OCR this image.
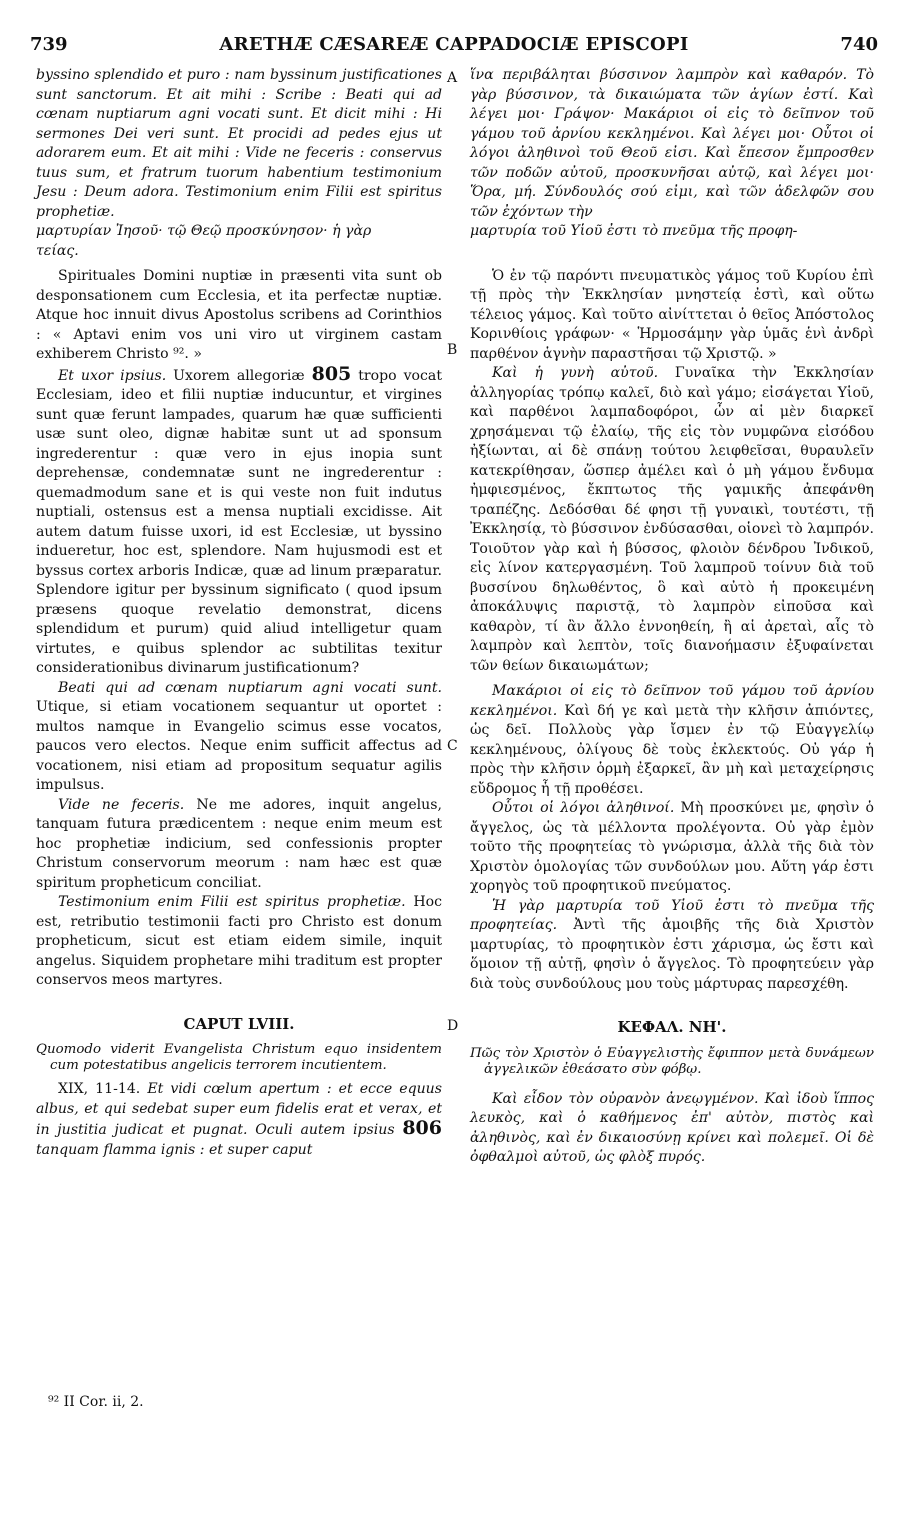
739	ARETHÆ CÆSAREÆ CAPPADOCIÆ EPISCOPI	740
A
B
C
D

byssino splendido et puro : nam byssinum justificationes sunt sanctorum. Et ait mihi : Scribe : Beati qui ad cœnam nuptiarum agni vocati sunt. Et dicit mihi : Hi sermones Dei veri sunt. Et procidi ad pedes ejus ut adorarem eum. Et ait mihi : Vide ne feceris : conservus tuus sum, et fratrum tuorum habentium testimonium Jesu : Deum adora. Testimonium enim Filii est spiritus prophetiæ.

μαρτυρίαν Ἰησοῦ· τῷ Θεῷ προσκύνησον· ἡ γὰρ

τείας.

Spirituales Domini nuptiæ in præsenti vita sunt ob desponsationem cum Ecclesia, et ita perfectæ nuptiæ. Atque hoc innuit divus Apostolus scribens ad Corinthios : « Aptavi enim vos uni viro ut virginem castam exhiberem Christo ⁹². »

Et uxor ipsius. Uxorem allegoriæ 805 tropo vocat Ecclesiam, ideo et filii nuptiæ inducuntur, et virgines sunt quæ ferunt lampades, quarum hæ quæ sufficienti usæ sunt oleo, dignæ habitæ sunt ut ad sponsum ingrederentur : quæ vero in ejus inopia sunt deprehensæ, condemnatæ sunt ne ingrederentur : quemadmodum sane et is qui veste non fuit indutus nuptiali, ostensus est a mensa nuptiali excidisse. Ait autem datum fuisse uxori, id est Ecclesiæ, ut byssino indueretur, hoc est, splendore. Nam hujusmodi est et byssus cortex arboris Indicæ, quæ ad linum præparatur. Splendore igitur per byssinum significato ( quod ipsum præsens quoque revelatio demonstrat, dicens splendidum et purum) quid aliud intelligetur quam virtutes, e quibus splendor ac subtilitas texitur considerationibus divinarum justificationum?

Beati qui ad cœnam nuptiarum agni vocati sunt. Utique, si etiam vocationem sequantur ut oportet : multos namque in Evangelio scimus esse vocatos, paucos vero electos. Neque enim sufficit affectus ad vocationem, nisi etiam ad propositum sequatur agilis impulsus.

Vide ne feceris. Ne me adores, inquit angelus, tanquam futura prædicentem : neque enim meum est hoc prophetiæ indicium, sed confessionis propter Christum conservorum meorum : nam hæc est quæ spiritum propheticum conciliat.

Testimonium enim Filii est spiritus prophetiæ. Hoc est, retributio testimonii facti pro Christo est donum propheticum, sicut est etiam eidem simile, inquit angelus. Siquidem prophetare mihi traditum est propter conservos meos martyres.

CAPUT LVIII.
Quomodo viderit Evangelista Christum equo insidentem cum potestatibus angelicis terrorem incutientem.

XIX, 11-14. Et vidi cœlum apertum : et ecce equus albus, et qui sedebat super eum fidelis erat et verax, et in justitia judicat et pugnat. Oculi autem ipsius 806 tanquam flamma ignis : et super caput

ἵνα περιβάληται βύσσινον λαμπρὸν καὶ καθαρόν. Τὸ γὰρ βύσσινον, τὰ δικαιώματα τῶν ἁγίων ἐστί. Καὶ λέγει μοι· Γράψον· Μακάριοι οἱ εἰς τὸ δεῖπνον τοῦ γάμου τοῦ ἀρνίου κεκλημένοι. Καὶ λέγει μοι· Οὗτοι οἱ λόγοι ἀληθινοὶ τοῦ Θεοῦ εἰσι. Καὶ ἔπεσον ἔμπροσθεν τῶν ποδῶν αὐτοῦ, προσκυνῆσαι αὐτῷ, καὶ λέγει μοι· Ὅρα, μή. Σύνδουλός σού εἰμι, καὶ τῶν ἀδελφῶν σου τῶν ἐχόντων τὴν

μαρτυρία τοῦ Υἱοῦ ἐστι τὸ πνεῦμα τῆς προφη-

Ὁ ἐν τῷ παρόντι πνευματικὸς γάμος τοῦ Κυρίου ἐπὶ τῇ πρὸς τὴν Ἐκκλησίαν μνηστείᾳ ἐστὶ, καὶ οὕτω τέλειος γάμος. Καὶ τοῦτο αἰνίττεται ὁ θεῖος Ἀπόστολος Κορινθίοις γράφων· « Ἡρμοσάμην γὰρ ὑμᾶς ἑνὶ ἀνδρὶ παρθένον ἁγνὴν παραστῆσαι τῷ Χριστῷ. »

Καὶ ἡ γυνὴ αὐτοῦ. Γυναῖκα τὴν Ἐκκλησίαν ἀλληγορίας τρόπῳ καλεῖ, διὸ καὶ γάμο; εἰσάγεται Υἱοῦ, καὶ παρθένοι λαμπαδοφόροι, ὧν αἱ μὲν διαρκεῖ χρησάμεναι τῷ ἐλαίῳ, τῆς εἰς τὸν νυμφῶνα εἰσόδου ἠξίωνται, αἱ δὲ σπάνῃ τούτου λειφθεῖσαι, θυραυλεῖν κατεκρίθησαν, ὥσπερ ἀμέλει καὶ ὁ μὴ γάμου ἔνδυμα ἠμφιεσμένος, ἔκπτωτος τῆς γαμικῆς ἀπεφάνθη τραπέζης. Δεδόσθαι δέ φησι τῇ γυναικὶ, τουτέστι, τῇ Ἐκκλησίᾳ, τὸ βύσσινον ἐνδύσασθαι, οἱονεὶ τὸ λαμπρόν. Τοιοῦτον γὰρ καὶ ἡ βύσσος, φλοιὸν δένδρου Ἰνδικοῦ, εἰς λίνον κατεργασμένη. Τοῦ λαμπροῦ τοίνυν διὰ τοῦ βυσσίνου δηλωθέντος, ὃ καὶ αὐτὸ ἡ προκειμένη ἀποκάλυψις παριστᾷ, τὸ λαμπρὸν εἰποῦσα καὶ καθαρὸν, τί ἂν ἄλλο ἐννοηθείη, ἢ αἱ ἀρεταὶ, αἷς τὸ λαμπρὸν καὶ λεπτὸν, τοῖς διανοήμασιν ἐξυφαίνεται τῶν θείων δικαιωμάτων;

Μακάριοι οἱ εἰς τὸ δεῖπνον τοῦ γάμου τοῦ ἀρνίου κεκλημένοι. Καὶ δή γε καὶ μετὰ τὴν κλῆσιν ἀπιόντες, ὡς δεῖ. Πολλοὺς γὰρ ἴσμεν ἐν τῷ Εὐαγγελίῳ κεκλημένους, ὀλίγους δὲ τοὺς ἐκλεκτούς. Οὐ γάρ ἡ πρὸς τὴν κλῆσιν ὁρμὴ ἐξαρκεῖ, ἂν μὴ καὶ μεταχείρησις εὔδρομος ἧ τῇ προθέσει.

Οὗτοι οἱ λόγοι ἀληθινοί. Μὴ προσκύνει με, φησὶν ὁ ἄγγελος, ὡς τὰ μέλλοντα προλέγοντα. Οὐ γὰρ ἐμὸν τοῦτο τῆς προφητείας τὸ γνώρισμα, ἀλλὰ τῆς διὰ τὸν Χριστὸν ὁμολογίας τῶν συνδούλων μου. Αὕτη γάρ ἐστι χορηγὸς τοῦ προφητικοῦ πνεύματος.

Ἡ γὰρ μαρτυρία τοῦ Υἱοῦ ἐστι τὸ πνεῦμα τῆς προφητείας. Ἀντὶ τῆς ἀμοιβῆς τῆς διὰ Χριστὸν μαρτυρίας, τὸ προφητικὸν ἐστι χάρισμα, ὡς ἔστι καὶ ὅμοιον τῇ αὐτῇ, φησὶν ὁ ἄγγελος. Τὸ προφητεύειν γὰρ διὰ τοὺς συνδούλους μου τοὺς μάρτυρας παρεσχέθη.

ΚΕΦΑΛ. ΝΗ'.
Πῶς τὸν Χριστὸν ὁ Εὐαγγελιστὴς ἔφιππον μετὰ δυνάμεων ἀγγελικῶν ἐθεάσατο σὺν φόβῳ.

Καὶ εἶδον τὸν οὐρανὸν ἀνεῳγμένον. Καὶ ἰδοὺ ἵππος λευκὸς, καὶ ὁ καθήμενος ἐπ' αὐτὸν, πιστὸς καὶ ἀληθινὸς, καὶ ἐν δικαιοσύνῃ κρίνει καὶ πολεμεῖ. Οἱ δὲ ὀφθαλμοὶ αὐτοῦ, ὡς φλὸξ πυρός.

⁹² II Cor. ii, 2.
